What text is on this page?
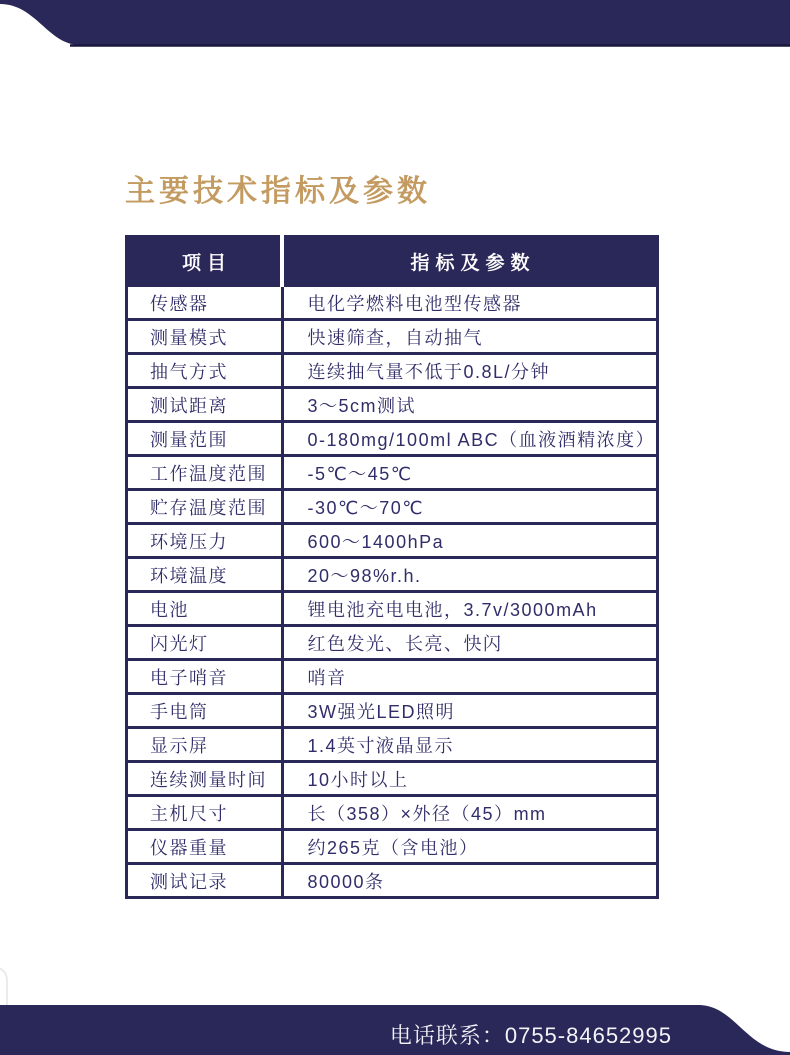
主要技术指标及参数
项目	指标及参数
传感器	电化学燃料电池型传感器
测量模式	快速筛查，自动抽气
抽气方式	连续抽气量不低于0.8L/分钟
测试距离	3～5cm测试
测量范围	0-180mg/100ml ABC（血液酒精浓度）
工作温度范围	-5℃～45℃
贮存温度范围	-30℃～70℃
环境压力	600～1400hPa
环境温度	20～98%r.h.
电池	锂电池充电电池，3.7v/3000mAh
闪光灯	红色发光、长亮、快闪
电子哨音	哨音
手电筒	3W强光LED照明
显示屏	1.4英寸液晶显示
连续测量时间	10小时以上
主机尺寸	长（358）×外径（45）mm
仪器重量	约265克（含电池）
测试记录	80000条
电话联系：0755-84652995
